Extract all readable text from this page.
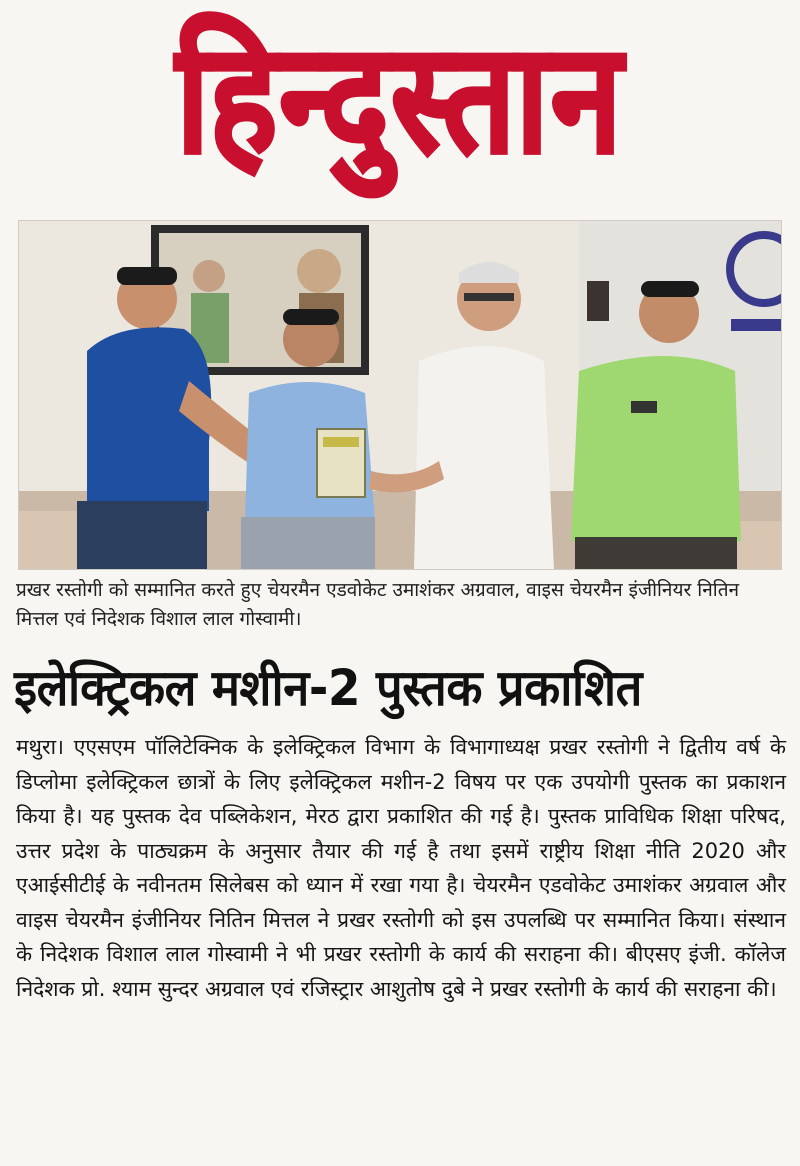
हिन्दुस्तान
प्रखर रस्तोगी को सम्मानित करते हुए चेयरमैन एडवोकेट उमाशंकर अग्रवाल, वाइस चेयरमैन इंजीनियर नितिन मित्तल एवं निदेशक विशाल लाल गोस्वामी।
इलेक्ट्रिकल मशीन-2 पुस्तक प्रकाशित
मथुरा। एएसएम पॉलिटेक्निक के इलेक्ट्रिकल विभाग के विभागाध्यक्ष प्रखर रस्तोगी ने द्वितीय वर्ष के डिप्लोमा इलेक्ट्रिकल छात्रों के लिए इलेक्ट्रिकल मशीन-2 विषय पर एक उपयोगी पुस्तक का प्रकाशन किया है। यह पुस्तक देव पब्लिकेशन, मेरठ द्वारा प्रकाशित की गई है। पुस्तक प्राविधिक शिक्षा परिषद, उत्तर प्रदेश के पाठ्यक्रम के अनुसार तैयार की गई है तथा इसमें राष्ट्रीय शिक्षा नीति 2020 और एआईसीटीई के नवीनतम सिलेबस को ध्यान में रखा गया है। चेयरमैन एडवोकेट उमाशंकर अग्रवाल और वाइस चेयरमैन इंजीनियर नितिन मित्तल ने प्रखर रस्तोगी को इस उपलब्धि पर सम्मानित किया। संस्थान के निदेशक विशाल लाल गोस्वामी ने भी प्रखर रस्तोगी के कार्य की सराहना की। बीएसए इंजी. कॉलेज निदेशक प्रो. श्याम सुन्दर अग्रवाल एवं रजिस्ट्रार आशुतोष दुबे ने प्रखर रस्तोगी के कार्य की सराहना की।
